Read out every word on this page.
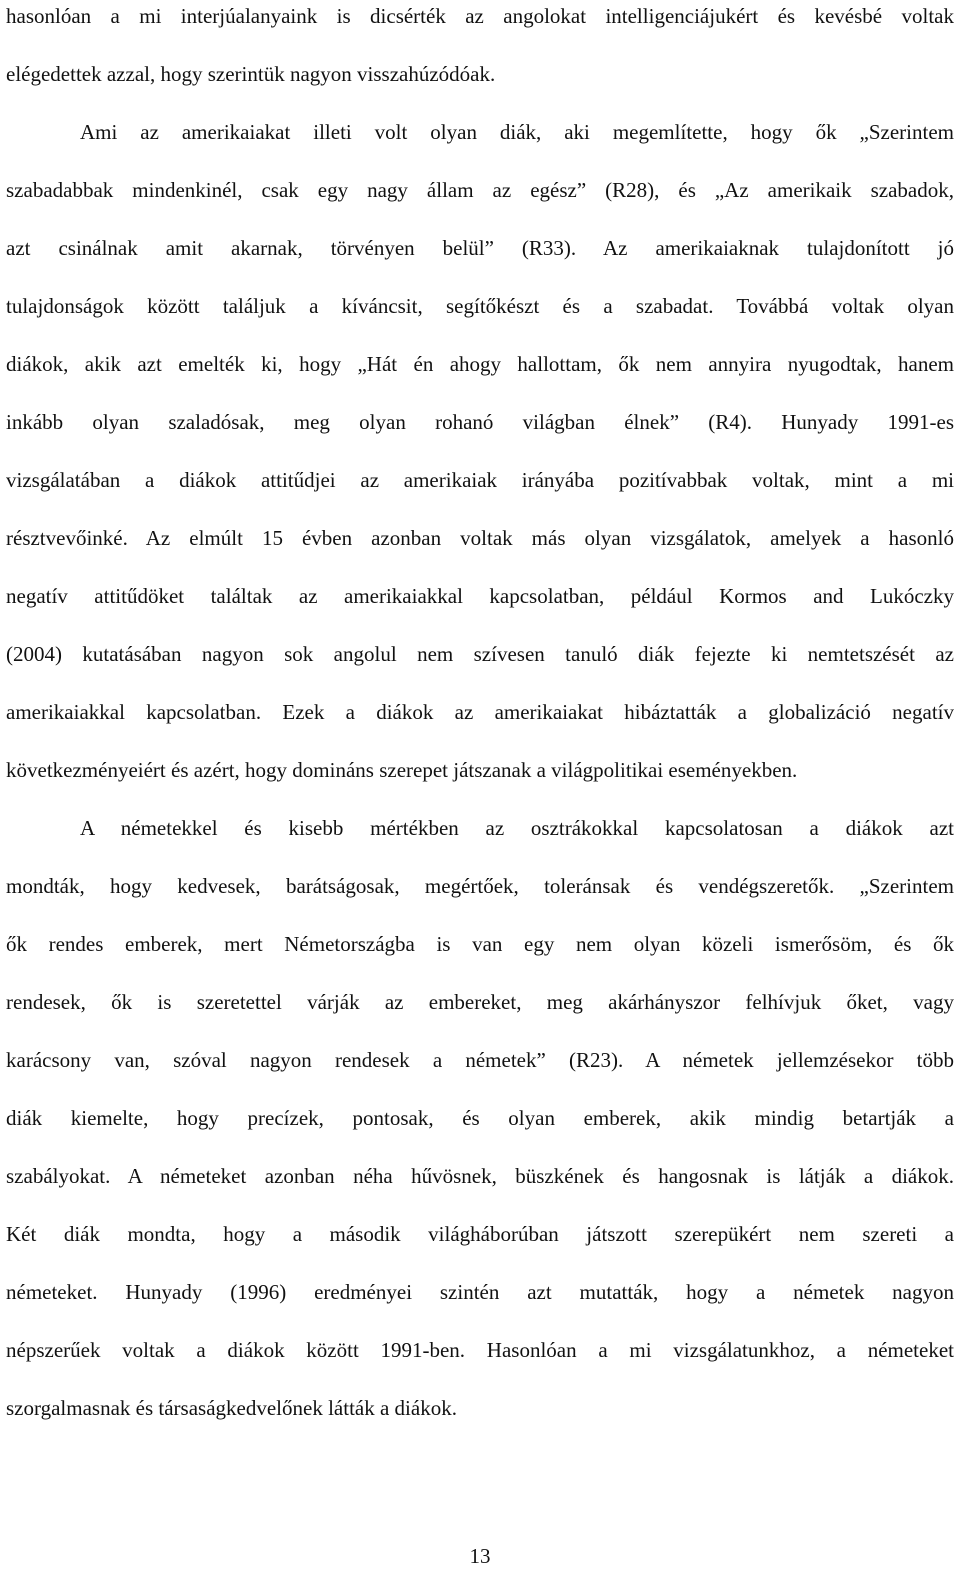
hasonlóan a mi interjúalanyaink is dicsérték az angolokat intelligenciájukért és kevésbé voltak
elégedettek azzal, hogy szerintük nagyon visszahúzódóak.
Ami az amerikaiakat illeti volt olyan diák, aki megemlítette, hogy ők „Szerintem
szabadabbak mindenkinél, csak egy nagy állam az egész” (R28), és „Az amerikaik szabadok,
azt csinálnak amit akarnak, törvényen belül” (R33). Az amerikaiaknak tulajdonított jó
tulajdonságok között találjuk a kíváncsit, segítőkészt és a szabadat. Továbbá voltak olyan
diákok, akik azt emelték ki, hogy „Hát én ahogy hallottam, ők nem annyira nyugodtak, hanem
inkább olyan szaladósak, meg olyan rohanó világban élnek” (R4). Hunyady 1991-es
vizsgálatában a diákok attitűdjei az amerikaiak irányába pozitívabbak voltak, mint a mi
résztvevőinké. Az elmúlt 15 évben azonban voltak más olyan vizsgálatok, amelyek a hasonló
negatív attitűdöket találtak az amerikaiakkal kapcsolatban, például Kormos and Lukóczky
(2004) kutatásában nagyon sok angolul nem szívesen tanuló diák fejezte ki nemtetszését az
amerikaiakkal kapcsolatban. Ezek a diákok az amerikaiakat hibáztatták a globalizáció negatív
következményeiért és azért, hogy domináns szerepet játszanak a világpolitikai eseményekben.
A németekkel és kisebb mértékben az osztrákokkal kapcsolatosan a diákok azt
mondták, hogy kedvesek, barátságosak, megértőek, toleránsak és vendégszeretők. „Szerintem
ők rendes emberek, mert Németországba is van egy nem olyan közeli ismerősöm, és ők
rendesek, ők is szeretettel várják az embereket, meg akárhányszor felhívjuk őket, vagy
karácsony van, szóval nagyon rendesek a németek” (R23). A németek jellemzésekor több
diák kiemelte, hogy precízek, pontosak, és olyan emberek, akik mindig betartják a
szabályokat. A németeket azonban néha hűvösnek, büszkének és hangosnak is látják a diákok.
Két diák mondta, hogy a második világháborúban játszott szerepükért nem szereti a
németeket. Hunyady (1996) eredményei szintén azt mutatták, hogy a németek nagyon
népszerűek voltak a diákok között 1991-ben. Hasonlóan a mi vizsgálatunkhoz, a németeket
szorgalmasnak és társaságkedvelőnek látták a diákok.
13
